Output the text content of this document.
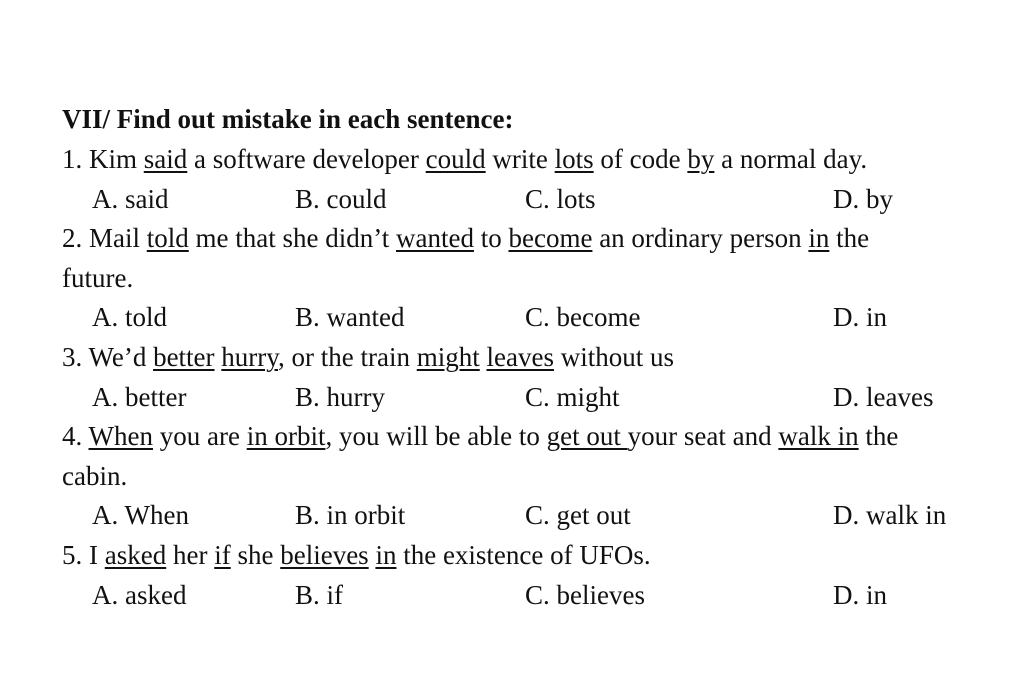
VII/ Find out mistake in each sentence:
1. Kim said a software developer could write lots of code by a normal day.
A. said	B. could	C. lots	D. by
2. Mail told me that she didn’t wanted to become an ordinary person in the
future.
A. told	B. wanted	C. become	D. in
3. We’d better hurry, or the train might leaves without us
A. better	B. hurry	C. might	D. leaves
4. When you are in orbit, you will be able to get out your seat and walk in the
cabin.
A. When	B. in orbit	C. get out	D. walk in
5. I asked her if she believes in the existence of UFOs.
A. asked	B. if	C. believes	D. in
